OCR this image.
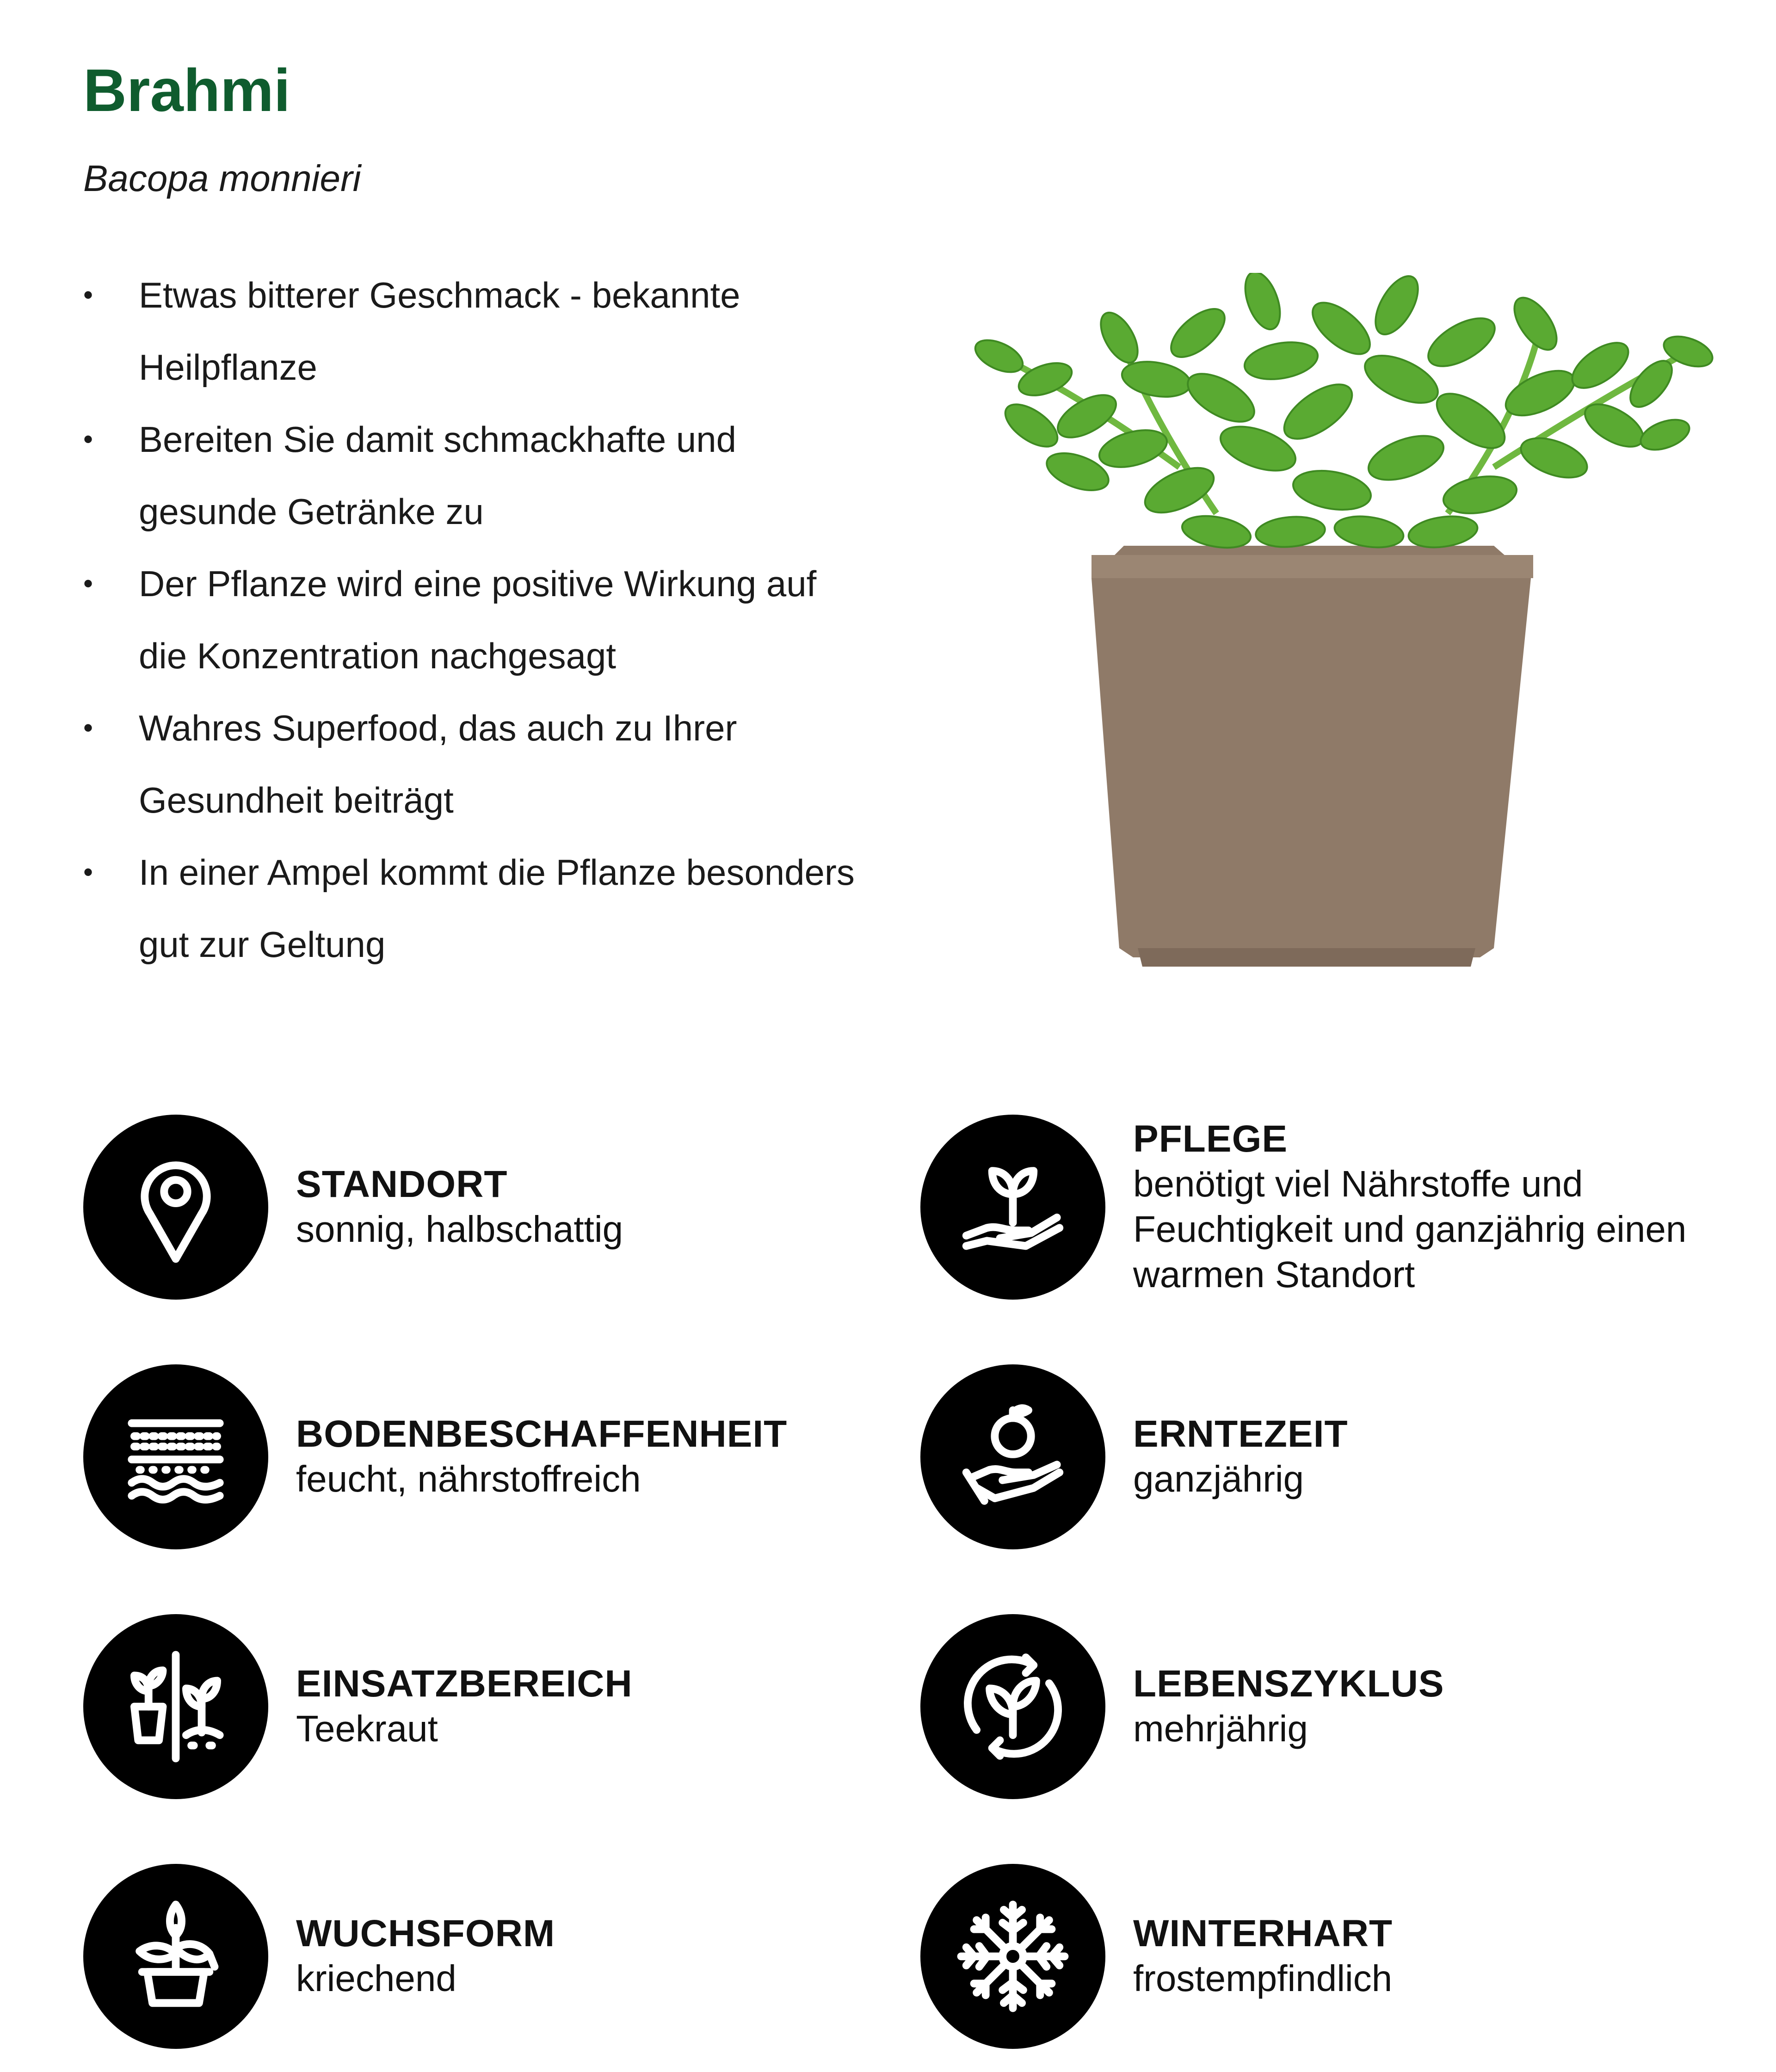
Brahmi
Bacopa monnieri
• Etwas bitterer Geschmack - bekannte Heilpflanze
• Bereiten Sie damit schmackhafte und gesunde Getränke zu
• Der Pflanze wird eine positive Wirkung auf die Konzentration nachgesagt
• Wahres Superfood, das auch zu Ihrer Gesundheit beiträgt
• In einer Ampel kommt die Pflanze besonders gut zur Geltung
STANDORT
sonnig, halbschattig
PFLEGE
benötigt viel Nährstoffe und Feuchtigkeit und ganzjährig einen warmen Standort
BODENBESCHAFFENHEIT
feucht, nährstoffreich
ERNTEZEIT
ganzjährig
EINSATZBEREICH
Teekraut
LEBENSZYKLUS
mehrjährig
WUCHSFORM
kriechend
WINTERHART
frostempfindlich
